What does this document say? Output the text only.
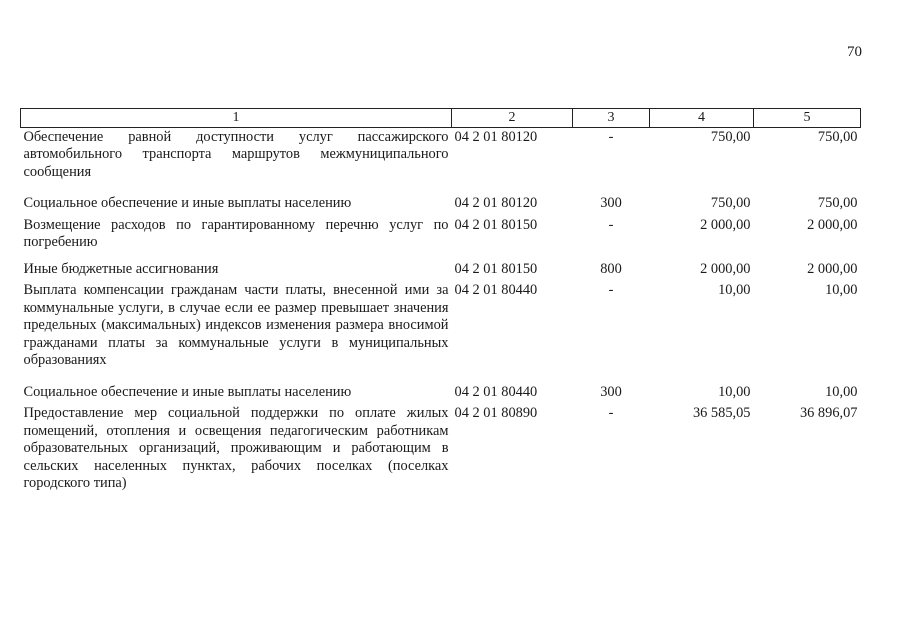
70
1	2	3	4	5
Обеспечение равной доступности услуг пассажирского автомобильного транспорта маршрутов межмуниципального сообщения	04 2 01 80120	-	750,00	750,00
Социальное обеспечение и иные выплаты населению	04 2 01 80120	300	750,00	750,00
Возмещение расходов по гарантированному перечню услуг по погребению	04 2 01 80150	-	2 000,00	2 000,00
Иные бюджетные ассигнования	04 2 01 80150	800	2 000,00	2 000,00
Выплата компенсации гражданам части платы, внесенной ими за коммунальные услуги, в случае если ее размер превышает значения предельных (максимальных) индексов изменения размера вносимой гражданами платы за коммунальные услуги в муниципальных образованиях	04 2 01 80440	-	10,00	10,00
Социальное обеспечение и иные выплаты населению	04 2 01 80440	300	10,00	10,00
Предоставление мер социальной поддержки по оплате жилых помещений, отопления и освещения педагогическим работникам образовательных организаций, проживающим и работающим в сельских населенных пунктах, рабочих поселках (поселках городского типа)	04 2 01 80890	-	36 585,05	36 896,07
